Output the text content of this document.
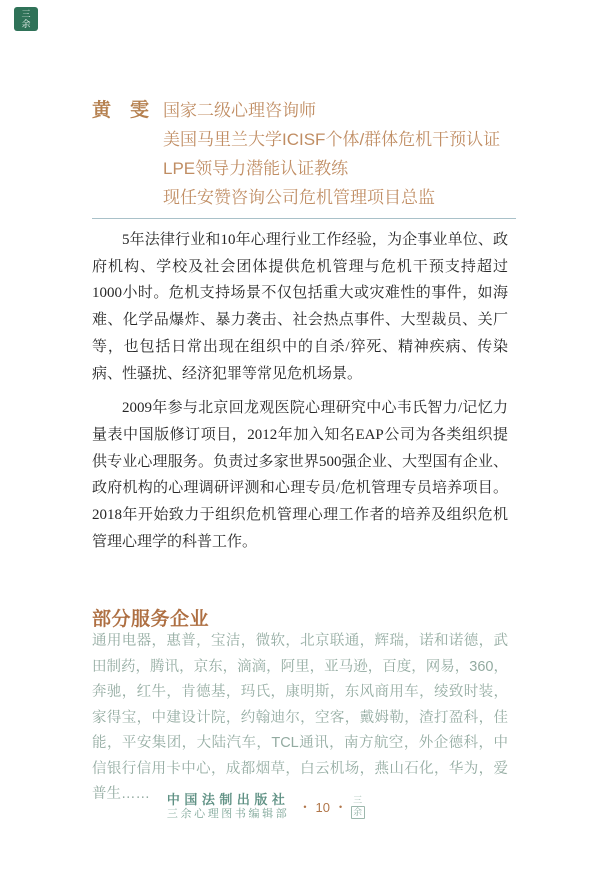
三
余
黄　雯 国家二级心理咨询师
美国马里兰大学ICISF个体/群体危机干预认证
LPE领导力潜能认证教练
现任安赞咨询公司危机管理项目总监

5年法律行业和10年心理行业工作经验，为企事业单位、政府机构、学校及社会团体提供危机管理与危机干预支持超过1000小时。危机支持场景不仅包括重大或灾难性的事件，如海难、化学品爆炸、暴力袭击、社会热点事件、大型裁员、关厂等，也包括日常出现在组织中的自杀/猝死、精神疾病、传染病、性骚扰、经济犯罪等常见危机场景。

2009年参与北京回龙观医院心理研究中心韦氏智力/记忆力量表中国版修订项目，2012年加入知名EAP公司为各类组织提供专业心理服务。负责过多家世界500强企业、大型国有企业、政府机构的心理调研评测和心理专员/危机管理专员培养项目。2018年开始致力于组织危机管理心理工作者的培养及组织危机管理心理学的科普工作。

部分服务企业
通用电器，惠普，宝洁，微软，北京联通，辉瑞，诺和诺德，武田制药，腾讯，京东，滴滴，阿里，亚马逊，百度，网易，360，奔驰，红牛，肯德基，玛氏，康明斯，东风商用车，绫致时装，家得宝，中建设计院，约翰迪尔，空客，戴姆勒，渣打盈科，佳能，平安集团，大陆汽车，TCL通讯，南方航空，外企德科，中信银行信用卡中心，成都烟草，白云机场，燕山石化，华为，爱普生……	中国法制出版社
三余心理图书编辑部
• 10 •
三
余
